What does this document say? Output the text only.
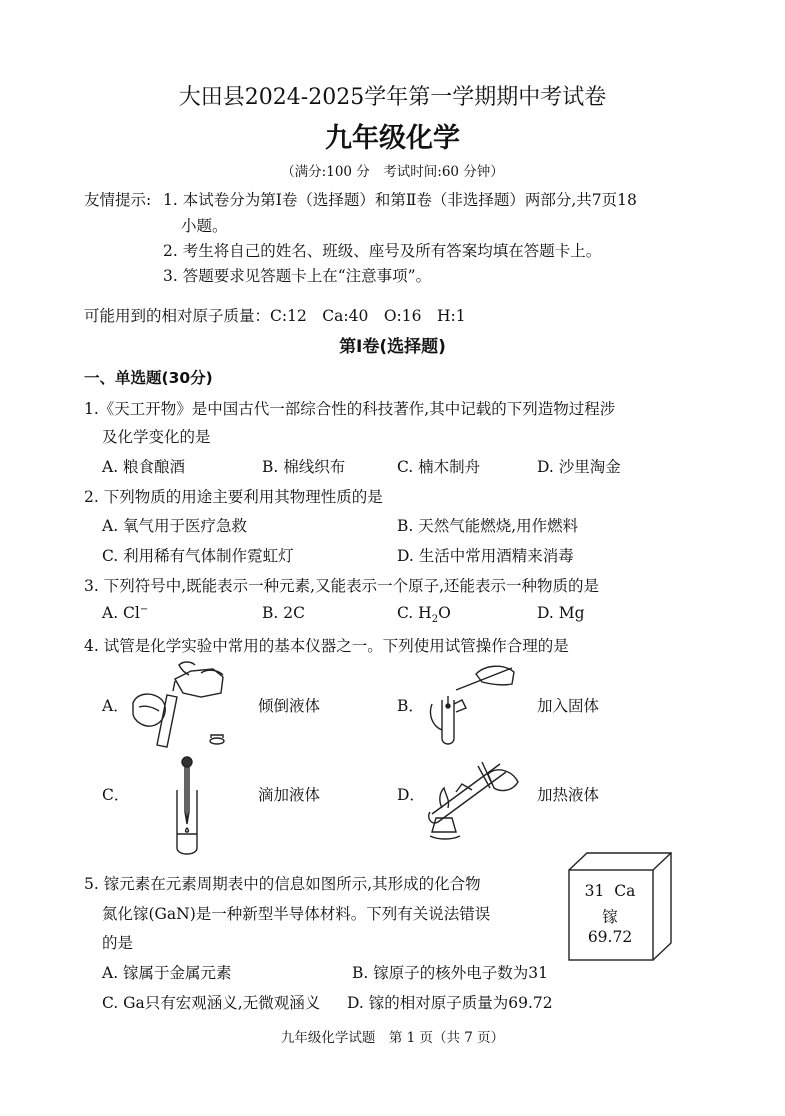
大田县2024-2025学年第一学期期中考试卷
九年级化学
（满分:100 分　考试时间:60 分钟）
友情提示: 1. 本试卷分为第Ⅰ卷（选择题）和第Ⅱ卷（非选择题）两部分,共7页18
小题。
2. 考生将自己的姓名、班级、座号及所有答案均填在答题卡上。
3. 答题要求见答题卡上在“注意事项”。
可能用到的相对原子质量：C:12　Ca:40　O:16　H:1
第Ⅰ卷(选择题)
一、单选题(30分)
1.《天工开物》是中国古代一部综合性的科技著作,其中记载的下列造物过程涉
及化学变化的是
A. 粮食酿酒	B. 棉线织布	C. 楠木制舟	D. 沙里淘金
2. 下列物质的用途主要利用其物理性质的是
A. 氧气用于医疗急救	B. 天然气能燃烧,用作燃料
C. 利用稀有气体制作霓虹灯	D. 生活中常用酒精来消毒
3. 下列符号中,既能表示一种元素,又能表示一个原子,还能表示一种物质的是
A. Cl−	B. 2C	C. $H_2O$	D. Mg
4. 试管是化学实验中常用的基本仪器之一。下列使用试管操作合理的是
A．	倾倒液体	B．	加入固体
C．	滴加液体	D．	加热液体
5. 镓元素在元素周期表中的信息如图所示,其形成的化合物
氮化镓(GaN)是一种新型半导体材料。下列有关说法错误
的是
A. 镓属于金属元素	B. 镓原子的核外电子数为31
C. Ga只有宏观涵义,无微观涵义 D. 镓的相对原子质量为69.72
31 Ca
镓
69.72
九年级化学试题　第 1 页（共 7 页）
